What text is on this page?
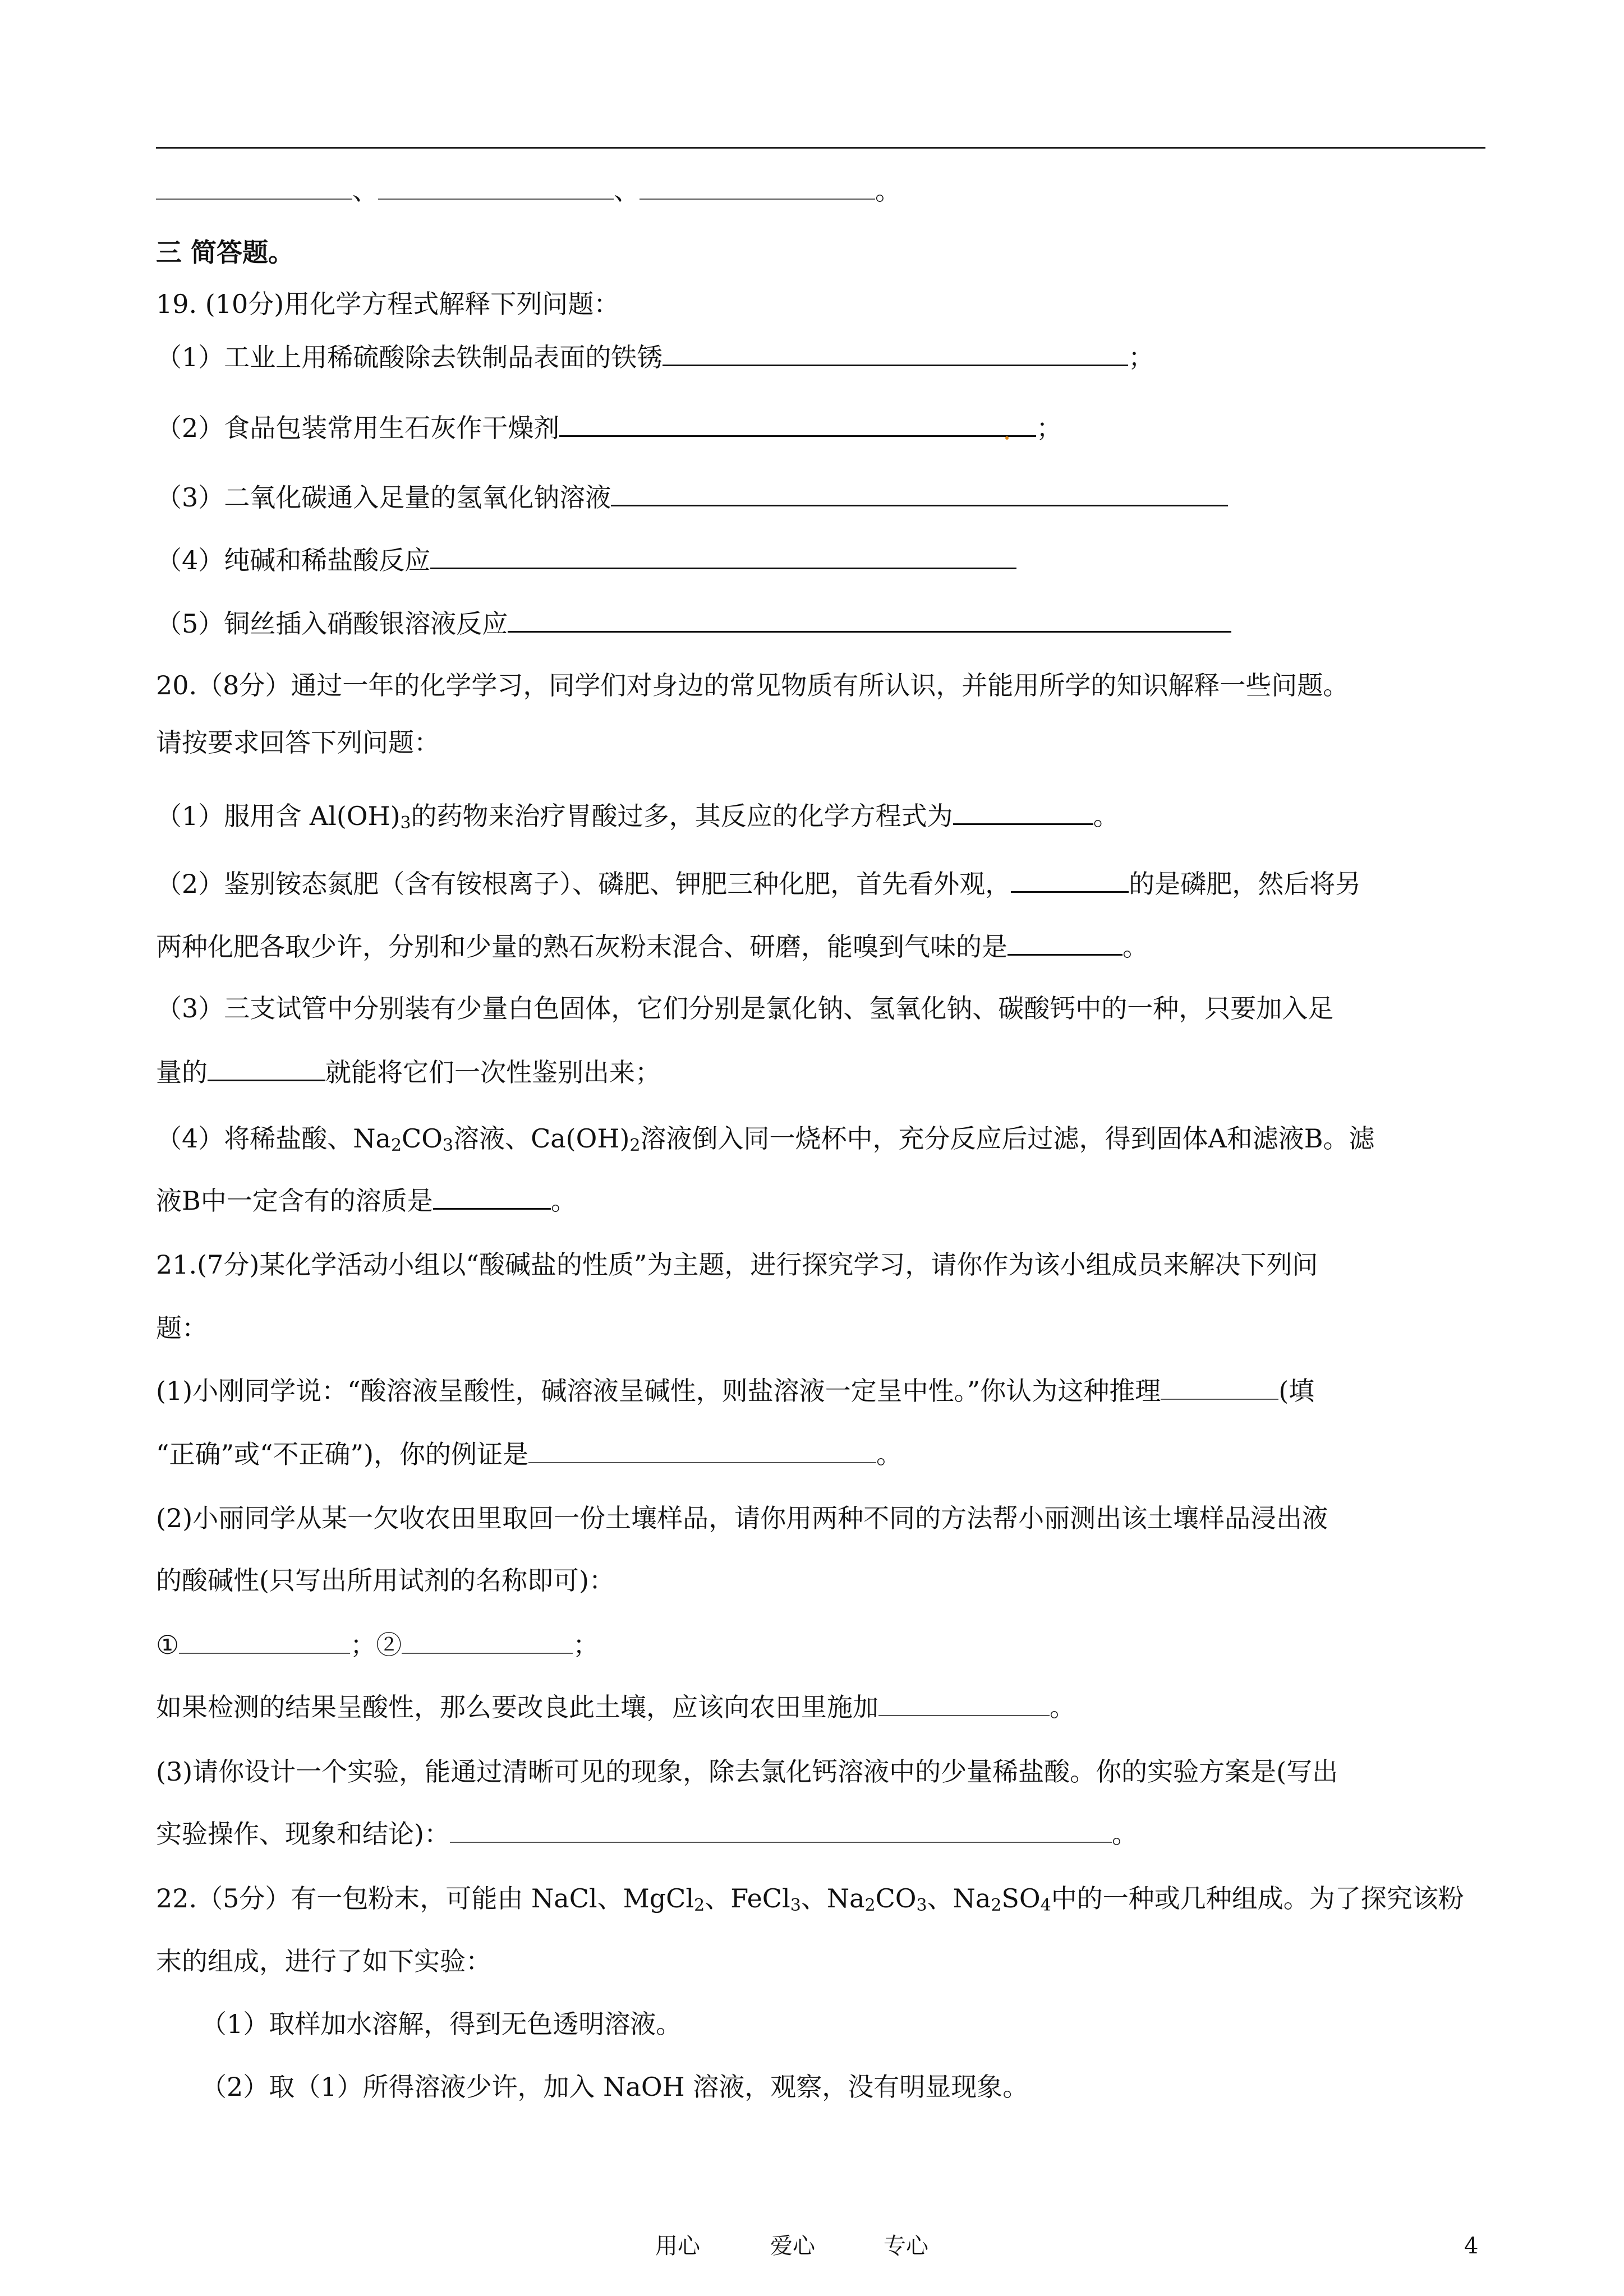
、	、	。
三 简答题。
19. (10分)用化学方程式解释下列问题：
（1）工业上用稀硫酸除去铁制品表面的铁锈	；
（2）食品包装常用生石灰作干燥剂	；
（3）二氧化碳通入足量的氢氧化钠溶液
（4）纯碱和稀盐酸反应
（5）铜丝插入硝酸银溶液反应
20.（8分）通过一年的化学学习，同学们对身边的常见物质有所认识，并能用所学的知识解释一些问题。
请按要求回答下列问题：
（1）服用含 $Al(OH)_3$的药物来治疗胃酸过多，其反应的化学方程式为	。
（2）鉴别铵态氮肥（含有铵根离子）、磷肥、钾肥三种化肥，首先看外观，	的是磷肥，然后将另
两种化肥各取少许，分别和少量的熟石灰粉末混合、研磨，能嗅到气味的是	。
（3）三支试管中分别装有少量白色固体，它们分别是氯化钠、氢氧化钠、碳酸钙中的一种，只要加入足
量的	就能将它们一次性鉴别出来；
（4）将稀盐酸、$Na_2CO_3$溶液、$Ca(OH)_2$溶液倒入同一烧杯中，充分反应后过滤，得到固体A和滤液B。滤
液B中一定含有的溶质是	。
21.(7分)某化学活动小组以“酸碱盐的性质”为主题，进行探究学习，请你作为该小组成员来解决下列问
题：
(1)小刚同学说：“酸溶液呈酸性，碱溶液呈碱性，则盐溶液一定呈中性。”你认为这种推理	(填
“正确”或“不正确”)，你的例证是	。
(2)小丽同学从某一欠收农田里取回一份土壤样品，请你用两种不同的方法帮小丽测出该土壤样品浸出液
的酸碱性(只写出所用试剂的名称即可)：
①	；②	；
如果检测的结果呈酸性，那么要改良此土壤，应该向农田里施加	。
(3)请你设计一个实验，能通过清晰可见的现象，除去氯化钙溶液中的少量稀盐酸。你的实验方案是(写出
实验操作、现象和结论)：	。
22.（5分）有一包粉末，可能由 NaCl、MgCl$_2$、FeCl$_3$、$Na_2CO_3$、$Na_2SO_4$中的一种或几种组成。为了探究该粉
末的组成，进行了如下实验：
（1）取样加水溶解，得到无色透明溶液。
（2）取（1）所得溶液少许，加入 NaOH 溶液，观察，没有明显现象。
用心	爱心	专心	4
